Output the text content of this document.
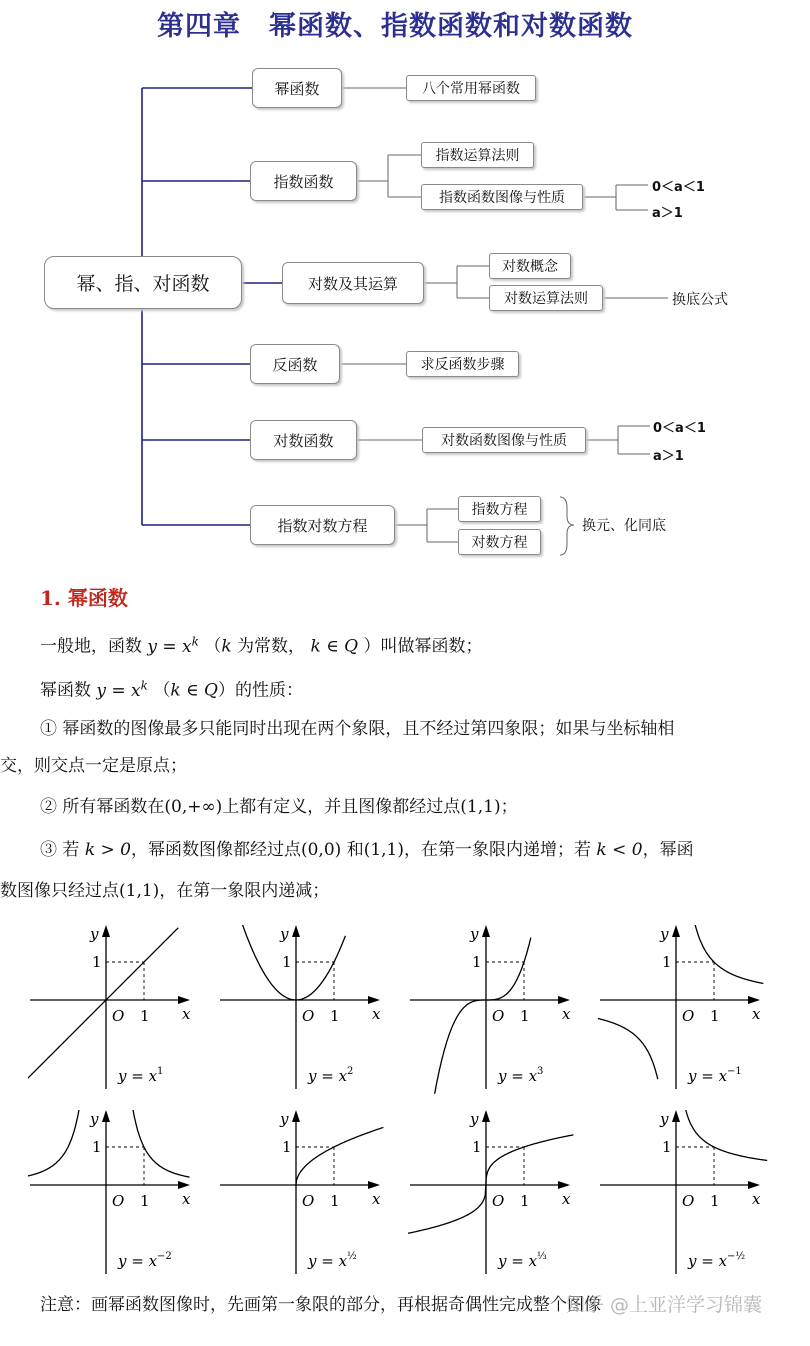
第四章　幂函数、指数函数和对数函数
幂、指、对函数
幂函数	八个常用幂函数
指数函数
指数运算法则
指数函数图像与性质
0＜a＜1
a＞1
对数及其运算
对数概念
对数运算法则	换底公式
反函数	求反函数步骤
对数函数	对数函数图像与性质
0＜a＜1
a＞1
指数对数方程
指数方程
对数方程
换元、化同底
1. 幂函数
一般地，函数 $y = x^k$ （k 为常数， k ∈ Q ）叫做幂函数；
幂函数 $y = x^k$ （k ∈ Q）的性质：
① 幂函数的图像最多只能同时出现在两个象限，且不经过第四象限；如果与坐标轴相
交，则交点一定是原点；
② 所有幂函数在(0,+∞)上都有定义，并且图像都经过点(1,1)；
③ 若 k > 0，幂函数图像都经过点(0,0) 和(1,1)，在第一象限内递增；若 k < 0，幂函
数图像只经过点(1,1)，在第一象限内递减；
y
x
O 1
1
$y = x^1$
y
x
O 1
1
$y = x^2$
y
x
O 1
1
$y = x^3$
y
x
O 1
1
$y = x^{-1}$
y
x
O 1
1
$y = x^{-2}$
y
x
O 1
1
$y = x^{\frac{1}{2}}$
y
x
O 1
1
$y = x^{\frac{1}{3}}$
y
x
O 1
1
$y = x^{-\frac{1}{2}}$
注意：画幂函数图像时，先画第一象限的部分，再根据奇偶性完成整个图像
知乎 @上亚洋学习锦囊
